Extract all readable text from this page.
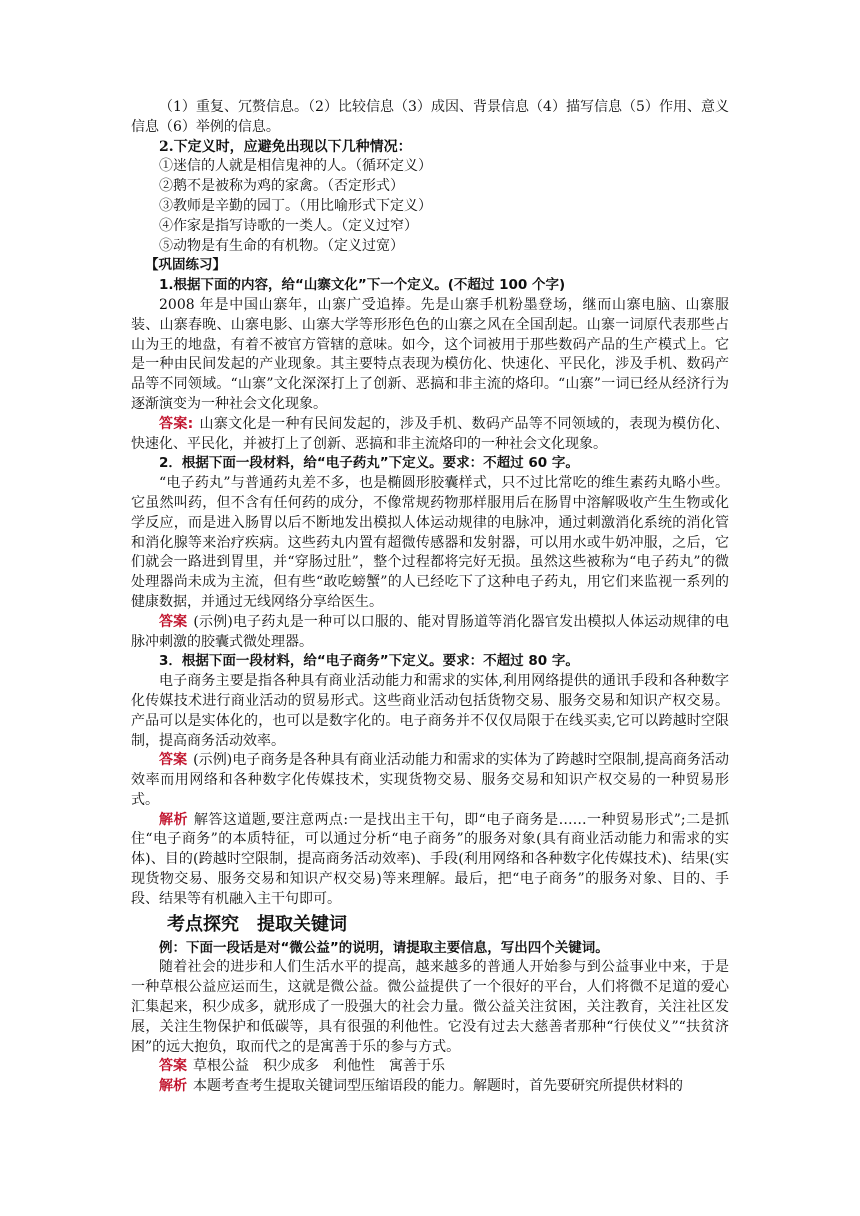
（1）重复、冗赘信息。（2）比较信息（3）成因、背景信息（4）描写信息（5）作用、意义信息（6）举例的信息。

2.下定义时，应避免出现以下几种情况：

①迷信的人就是相信鬼神的人。（循环定义）

②鹅不是被称为鸡的家禽。（否定形式）

③教师是辛勤的园丁。（用比喻形式下定义）

④作家是指写诗歌的一类人。（定义过窄）

⑤动物是有生命的有机物。（定义过宽）

【巩固练习】

1.根据下面的内容，给“山寨文化”下一个定义。(不超过 100 个字)

2008 年是中国山寨年，山寨广受追捧。先是山寨手机粉墨登场，继而山寨电脑、山寨服装、山寨春晚、山寨电影、山寨大学等形形色色的山寨之风在全国刮起。山寨一词原代表那些占山为王的地盘，有着不被官方管辖的意味。如今，这个词被用于那些数码产品的生产模式上。它是一种由民间发起的产业现象。其主要特点表现为模仿化、快速化、平民化，涉及手机、数码产品等不同领域。“山寨”文化深深打上了创新、恶搞和非主流的烙印。“山寨”一词已经从经济行为逐渐演变为一种社会文化现象。

答案: 山寨文化是一种有民间发起的，涉及手机、数码产品等不同领域的，表现为模仿化、快速化、平民化，并被打上了创新、恶搞和非主流烙印的一种社会文化现象。

2．根据下面一段材料，给“电子药丸”下定义。要求：不超过 60 字。

“电子药丸”与普通药丸差不多，也是椭圆形胶囊样式，只不过比常吃的维生素药丸略小些。它虽然叫药，但不含有任何药的成分，不像常规药物那样服用后在肠胃中溶解吸收产生生物或化学反应，而是进入肠胃以后不断地发出模拟人体运动规律的电脉冲，通过刺激消化系统的消化管和消化腺等来治疗疾病。这些药丸内置有超微传感器和发射器，可以用水或牛奶冲服，之后，它们就会一路进到胃里，并“穿肠过肚”，整个过程都将完好无损。虽然这些被称为“电子药丸”的微处理器尚未成为主流，但有些“敢吃螃蟹”的人已经吃下了这种电子药丸，用它们来监视一系列的健康数据，并通过无线网络分享给医生。

答案 (示例)电子药丸是一种可以口服的、能对胃肠道等消化器官发出模拟人体运动规律的电脉冲刺激的胶囊式微处理器。

3．根据下面一段材料，给“电子商务”下定义。要求：不超过 80 字。

电子商务主要是指各种具有商业活动能力和需求的实体,利用网络提供的通讯手段和各种数字化传媒技术进行商业活动的贸易形式。这些商业活动包括货物交易、服务交易和知识产权交易。产品可以是实体化的，也可以是数字化的。电子商务并不仅仅局限于在线买卖,它可以跨越时空限制，提高商务活动效率。

答案 (示例)电子商务是各种具有商业活动能力和需求的实体为了跨越时空限制,提高商务活动效率而用网络和各种数字化传媒技术，实现货物交易、服务交易和知识产权交易的一种贸易形式。

解析 解答这道题,要注意两点:一是找出主干句，即“电子商务是……一种贸易形式”;二是抓住“电子商务”的本质特征，可以通过分析“电子商务”的服务对象(具有商业活动能力和需求的实体)、目的(跨越时空限制，提高商务活动效率)、手段(利用网络和各种数字化传媒技术)、结果(实现货物交易、服务交易和知识产权交易)等来理解。最后，把“电子商务”的服务对象、目的、手段、结果等有机融入主干句即可。

考点探究 提取关键词

例：下面一段话是对“微公益”的说明，请提取主要信息，写出四个关键词。

随着社会的进步和人们生活水平的提高，越来越多的普通人开始参与到公益事业中来，于是一种草根公益应运而生，这就是微公益。微公益提供了一个很好的平台，人们将微不足道的爱心汇集起来，积少成多，就形成了一股强大的社会力量。微公益关注贫困，关注教育，关注社区发展，关注生物保护和低碳等，具有很强的利他性。它没有过去大慈善者那种“行侠仗义”“扶贫济困”的远大抱负，取而代之的是寓善于乐的参与方式。

答案 草根公益　积少成多　利他性　寓善于乐

解析 本题考查考生提取关键词型压缩语段的能力。解题时，首先要研究所提供材料的
